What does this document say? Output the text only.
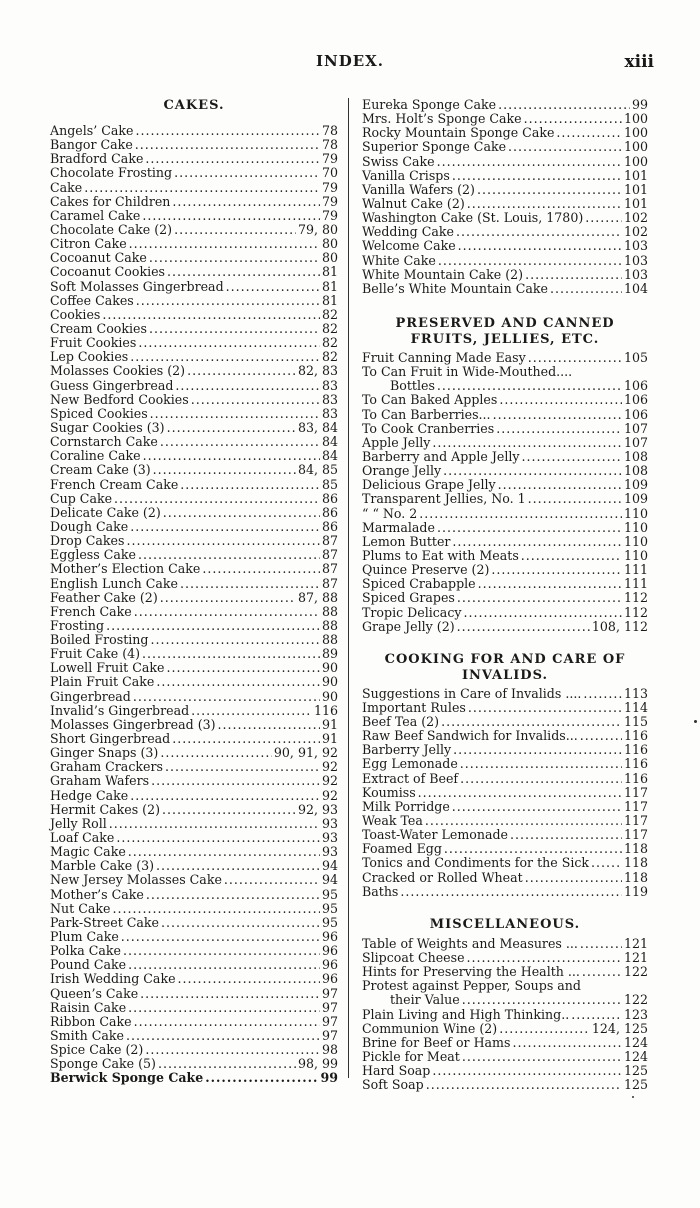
INDEX.	xiii
CAKES.
Angels’ Cake .....	78
Bangor Cake .....	78
Bradford Cake .....	79
Chocolate Frosting .....	70
Cake .....	79
Cakes for Children .....	79
Caramel Cake .....	79
Chocolate Cake (2) .....	79, 80
Citron Cake .....	80
Cocoanut Cake .....	80
Cocoanut Cookies .....	81
Soft Molasses Gingerbread .....	81
Coffee Cakes .....	81
Cookies .....	82
Cream Cookies .....	82
Fruit Cookies .....	82
Lep Cookies .....	82
Molasses Cookies (2) .....	82, 83
Guess Gingerbread .....	83
New Bedford Cookies .....	83
Spiced Cookies .....	83
Sugar Cookies (3) .....	83, 84
Cornstarch Cake .....	84
Coraline Cake .....	84
Cream Cake (3) .....	84, 85
French Cream Cake .....	85
Cup Cake .....	86
Delicate Cake (2) .....	86
Dough Cake .....	86
Drop Cakes .....	87
Eggless Cake .....	87
Mother’s Election Cake .....	87
English Lunch Cake .....	87
Feather Cake (2) .....	87, 88
French Cake .....	88
Frosting .....	88
Boiled Frosting .....	88
Fruit Cake (4) .....	89
Lowell Fruit Cake .....	90
Plain Fruit Cake .....	90
Gingerbread .....	90
Invalid’s Gingerbread .....	116
Molasses Gingerbread (3) .....	91
Short Gingerbread .....	91
Ginger Snaps (3) .....	90, 91, 92
Graham Crackers .....	92
Graham Wafers .....	92
Hedge Cake .....	92
Hermit Cakes (2) .....	92, 93
Jelly Roll .....	93
Loaf Cake .....	93
Magic Cake .....	93
Marble Cake (3) .....	94
New Jersey Molasses Cake .....	94
Mother’s Cake .....	95
Nut Cake .....	95
Park-Street Cake .....	95
Plum Cake .....	96
Polka Cake .....	96
Pound Cake .....	96
Irish Wedding Cake .....	96
Queen’s Cake .....	97
Raisin Cake .....	97
Ribbon Cake .....	97
Smith Cake .....	97
Spice Cake (2) .....	98
Sponge Cake (5) .....	98, 99
Berwick Sponge Cake .....	99
Eureka Sponge Cake .....	99
Mrs. Holt’s Sponge Cake .....	100
Rocky Mountain Sponge Cake .....	100
Superior Sponge Cake .....	100
Swiss Cake .....	100
Vanilla Crisps .....	101
Vanilla Wafers (2) .....	101
Walnut Cake (2) .....	101
Washington Cake (St. Louis, 1780) .....	102
Wedding Cake .....	102
Welcome Cake .....	103
White Cake .....	103
White Mountain Cake (2) .....	103
Belle’s White Mountain Cake .....	104
PRESERVED AND CANNED
FRUITS, JELLIES, ETC.
Fruit Canning Made Easy .....	105
To Can Fruit in Wide-Mouthed....
Bottles .....	106
To Can Baked Apples .....	106
To Can Barberries... .....	106
To Cook Cranberries .....	107
Apple Jelly .....	107
Barberry and Apple Jelly .....	108
Orange Jelly .....	108
Delicious Grape Jelly .....	109
Transparent Jellies, No. 1 .....	109
“ “ No. 2 .....	110
Marmalade .....	110
Lemon Butter .....	110
Plums to Eat with Meats .....	110
Quince Preserve (2) .....	111
Spiced Crabapple .....	111
Spiced Grapes .....	112
Tropic Delicacy .....	112
Grape Jelly (2) .....	108, 112
COOKING FOR AND CARE OF
INVALIDS.
Suggestions in Care of Invalids .... .....	113
Important Rules .....	114
Beef Tea (2) .....	115
Raw Beef Sandwich for Invalids... .....	116
Barberry Jelly .....	116
Egg Lemonade .....	116
Extract of Beef .....	116
Koumiss .....	117
Milk Porridge .....	117
Weak Tea .....	117
Toast-Water Lemonade .....	117
Foamed Egg .....	118
Tonics and Condiments for the Sick .....	118
Cracked or Rolled Wheat .....	118
Baths .....	119
MISCELLANEOUS.
Table of Weights and Measures ... .....	121
Slipcoat Cheese .....	121
Hints for Preserving the Health ... .....	122
Protest against Pepper, Soups and
their Value .....	122
Plain Living and High Thinking.. .....	123
Communion Wine (2) .....	124, 125
Brine for Beef or Hams .....	124
Pickle for Meat .....	124
Hard Soap .....	125
Soft Soap .....	125
